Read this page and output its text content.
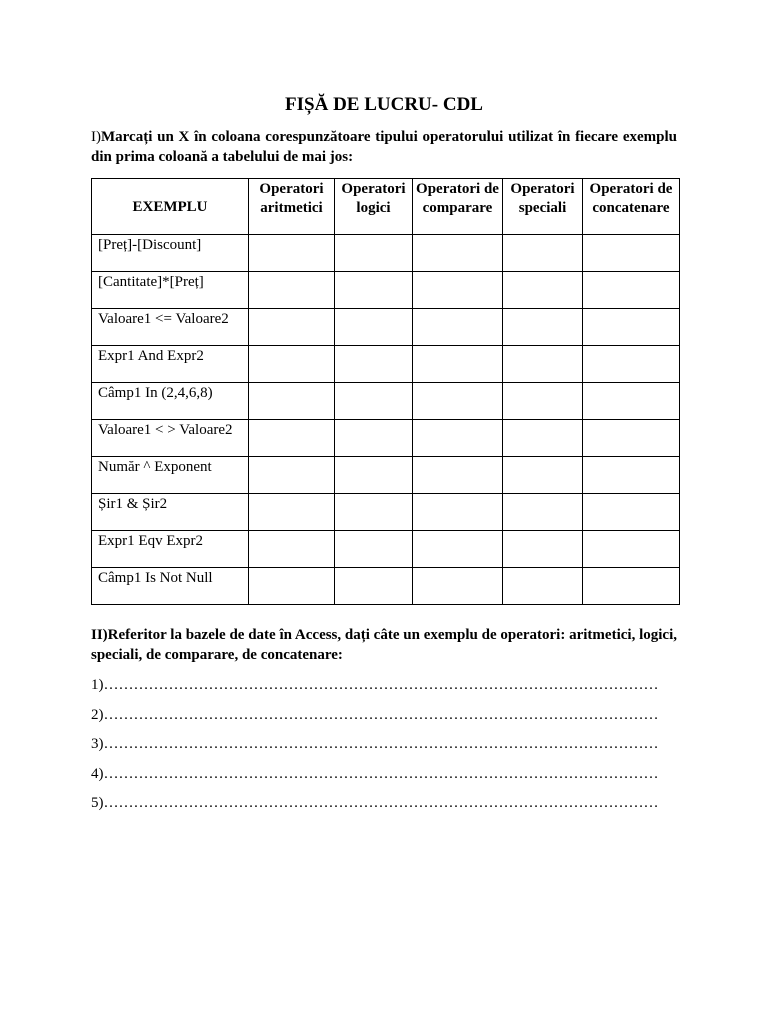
FIȘĂ DE LUCRU- CDL
I)Marcați un X în coloana corespunzătoare tipului operatorului utilizat în fiecare exemplu din prima coloană a tabelului de mai jos:
EXEMPLU	Operatori aritmetici	Operatori logici	Operatori de comparare	Operatori speciali	Operatori de concatenare
[Preț]-[Discount]					
[Cantitate]*[Preț]					
Valoare1 <= Valoare2					
Expr1 And Expr2					
Câmp1 In (2,4,6,8)					
Valoare1 < > Valoare2					
Număr ^ Exponent					
Șir1 & Șir2					
Expr1 Eqv Expr2					
Câmp1 Is Not Null					
II)Referitor la bazele de date în Access, dați câte un exemplu de operatori: aritmetici, logici, speciali, de comparare, de concatenare:
1)…………………………………………………………………………………………………
2)…………………………………………………………………………………………………
3)…………………………………………………………………………………………………
4)…………………………………………………………………………………………………
5)…………………………………………………………………………………………………
